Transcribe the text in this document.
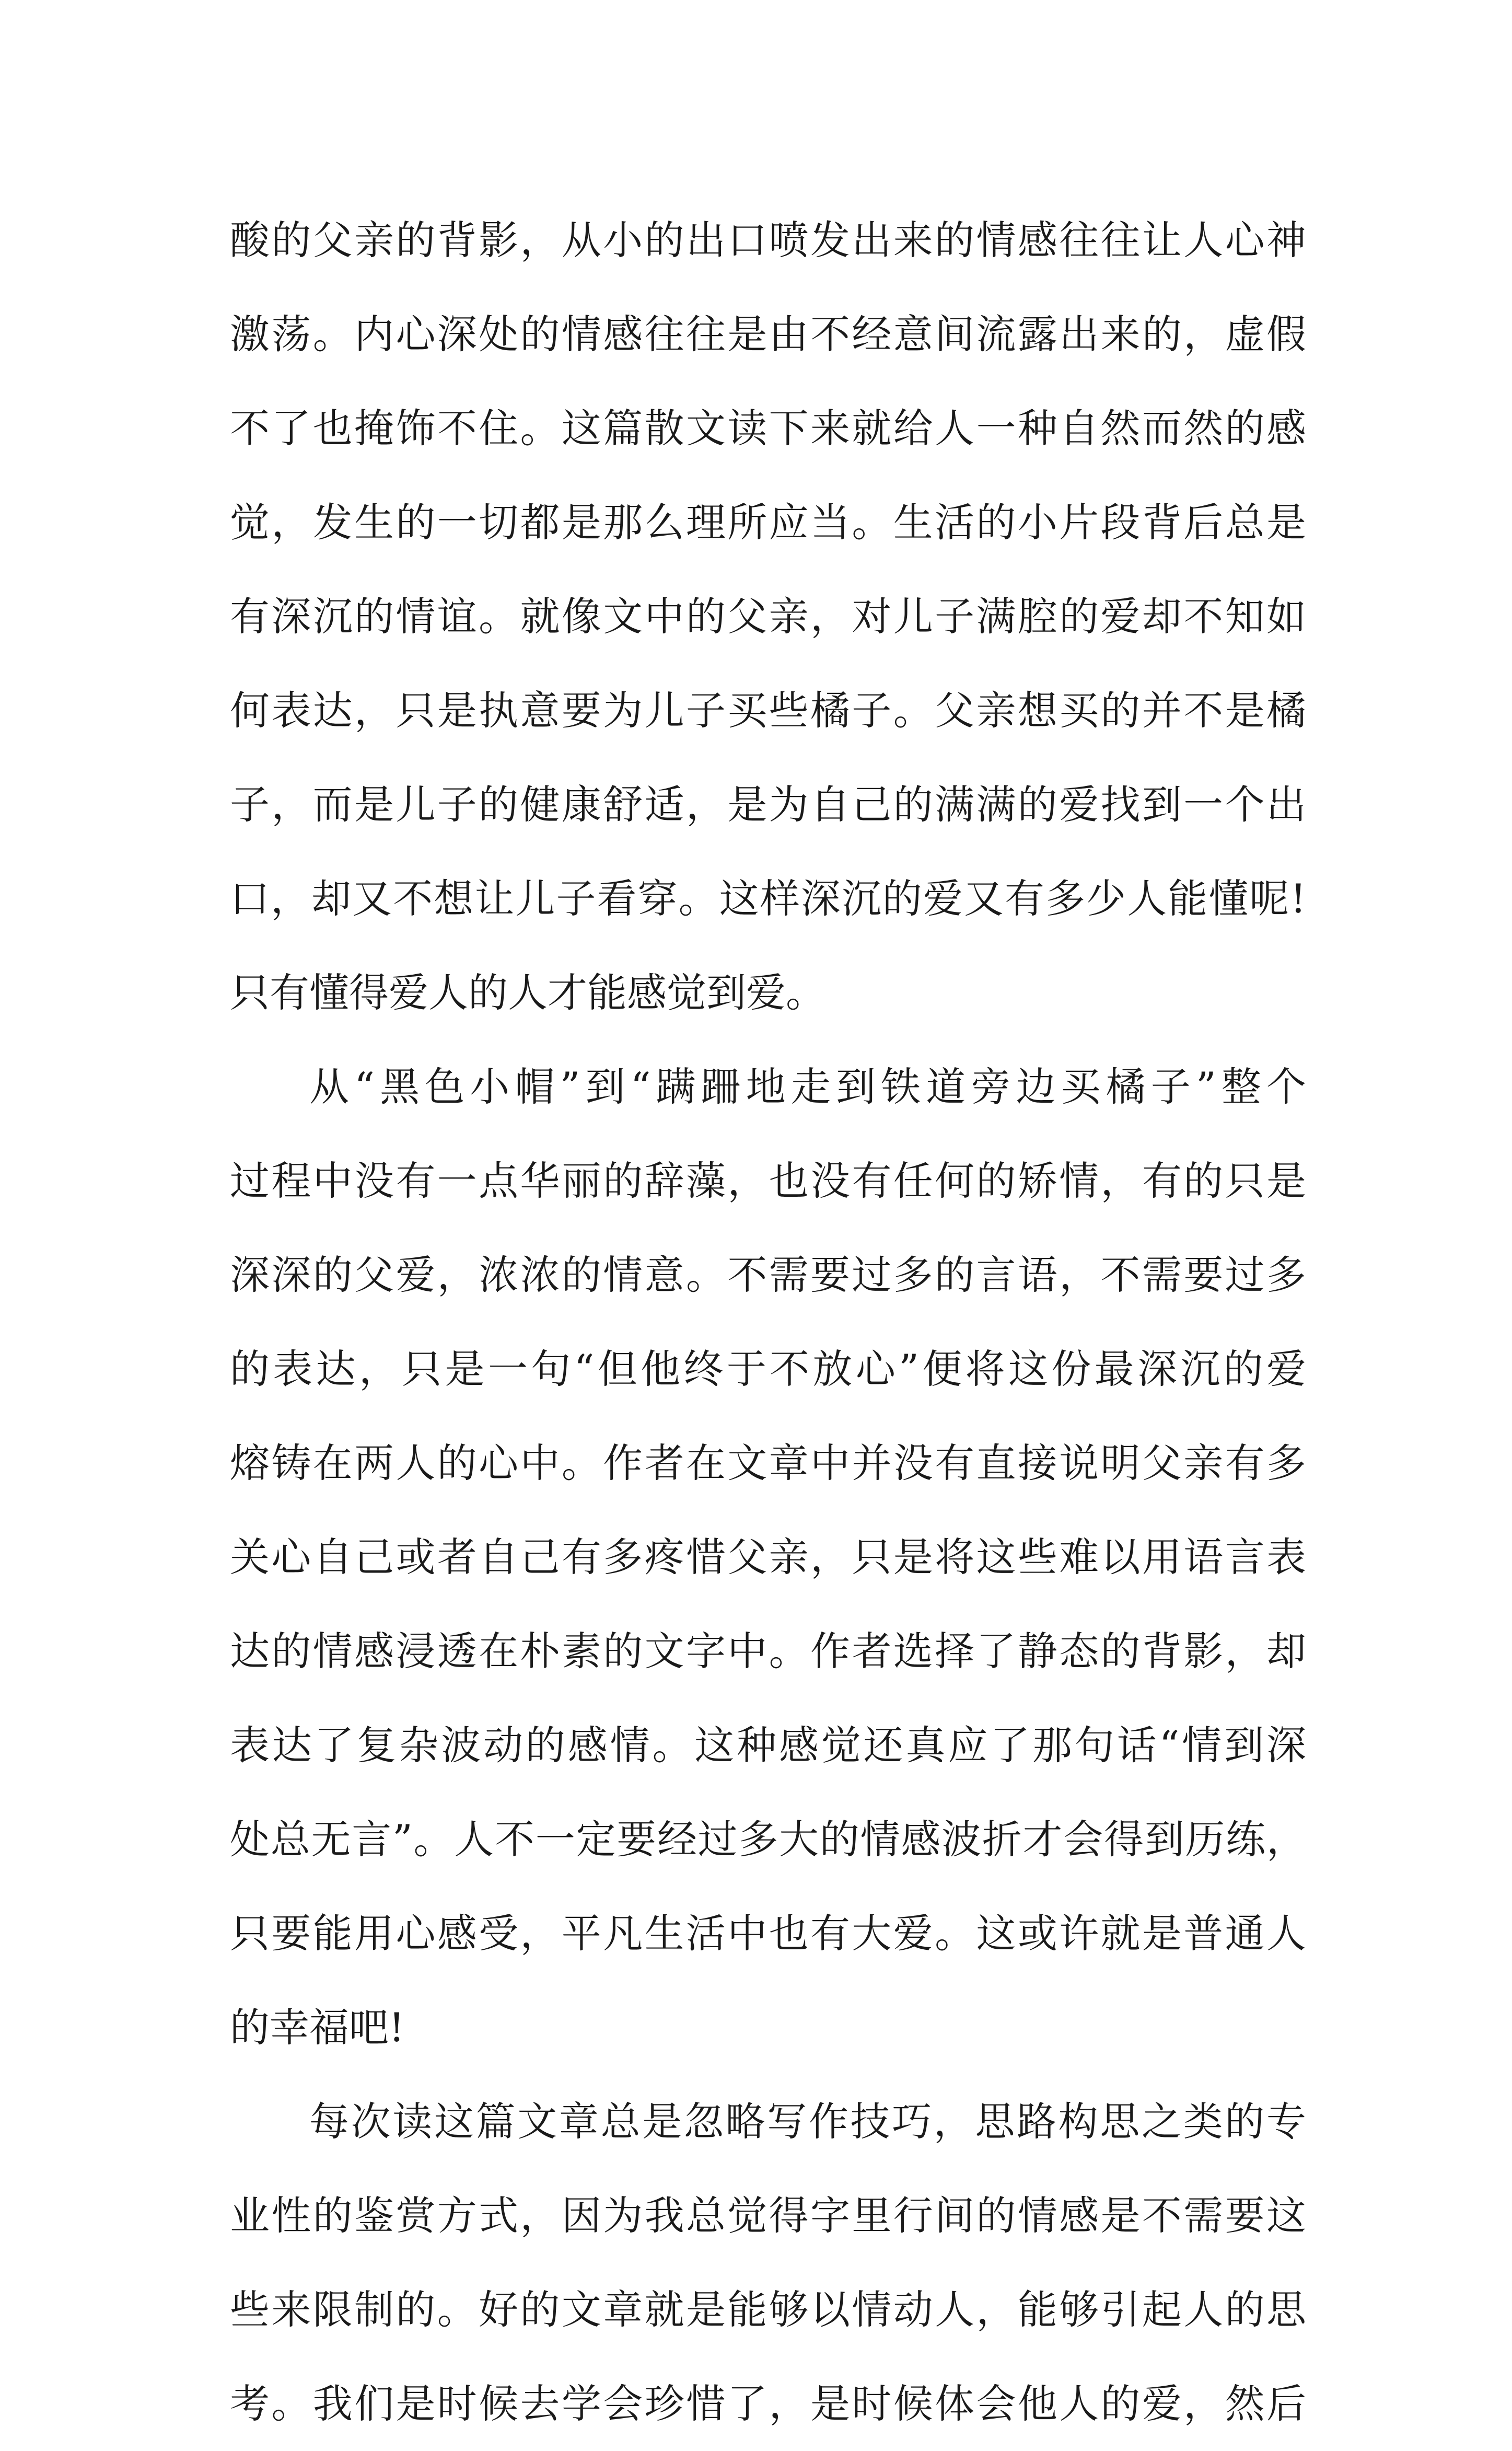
酸的父亲的背影，从小的出口喷发出来的情感往往让人心神
激荡。内心深处的情感往往是由不经意间流露出来的，虚假
不了也掩饰不住。这篇散文读下来就给人一种自然而然的感
觉，发生的一切都是那么理所应当。生活的小片段背后总是
有深沉的情谊。就像文中的父亲，对儿子满腔的爱却不知如
何表达，只是执意要为儿子买些橘子。父亲想买的并不是橘
子，而是儿子的健康舒适，是为自己的满满的爱找到一个出
口，却又不想让儿子看穿。这样深沉的爱又有多少人能懂呢!
只有懂得爱人的人才能感觉到爱。
从“黑色小帽”到“蹒跚地走到铁道旁边买橘子”整个
过程中没有一点华丽的辞藻，也没有任何的矫情，有的只是
深深的父爱，浓浓的情意。不需要过多的言语，不需要过多
的表达，只是一句“但他终于不放心”便将这份最深沉的爱
熔铸在两人的心中。作者在文章中并没有直接说明父亲有多
关心自己或者自己有多疼惜父亲，只是将这些难以用语言表
达的情感浸透在朴素的文字中。作者选择了静态的背影，却
表达了复杂波动的感情。这种感觉还真应了那句话“情到深
处总无言”。人不一定要经过多大的情感波折才会得到历练，
只要能用心感受，平凡生活中也有大爱。这或许就是普通人
的幸福吧!
每次读这篇文章总是忽略写作技巧，思路构思之类的专
业性的鉴赏方式，因为我总觉得字里行间的情感是不需要这
些来限制的。好的文章就是能够以情动人，能够引起人的思
考。我们是时候去学会珍惜了，是时候体会他人的爱，然后
